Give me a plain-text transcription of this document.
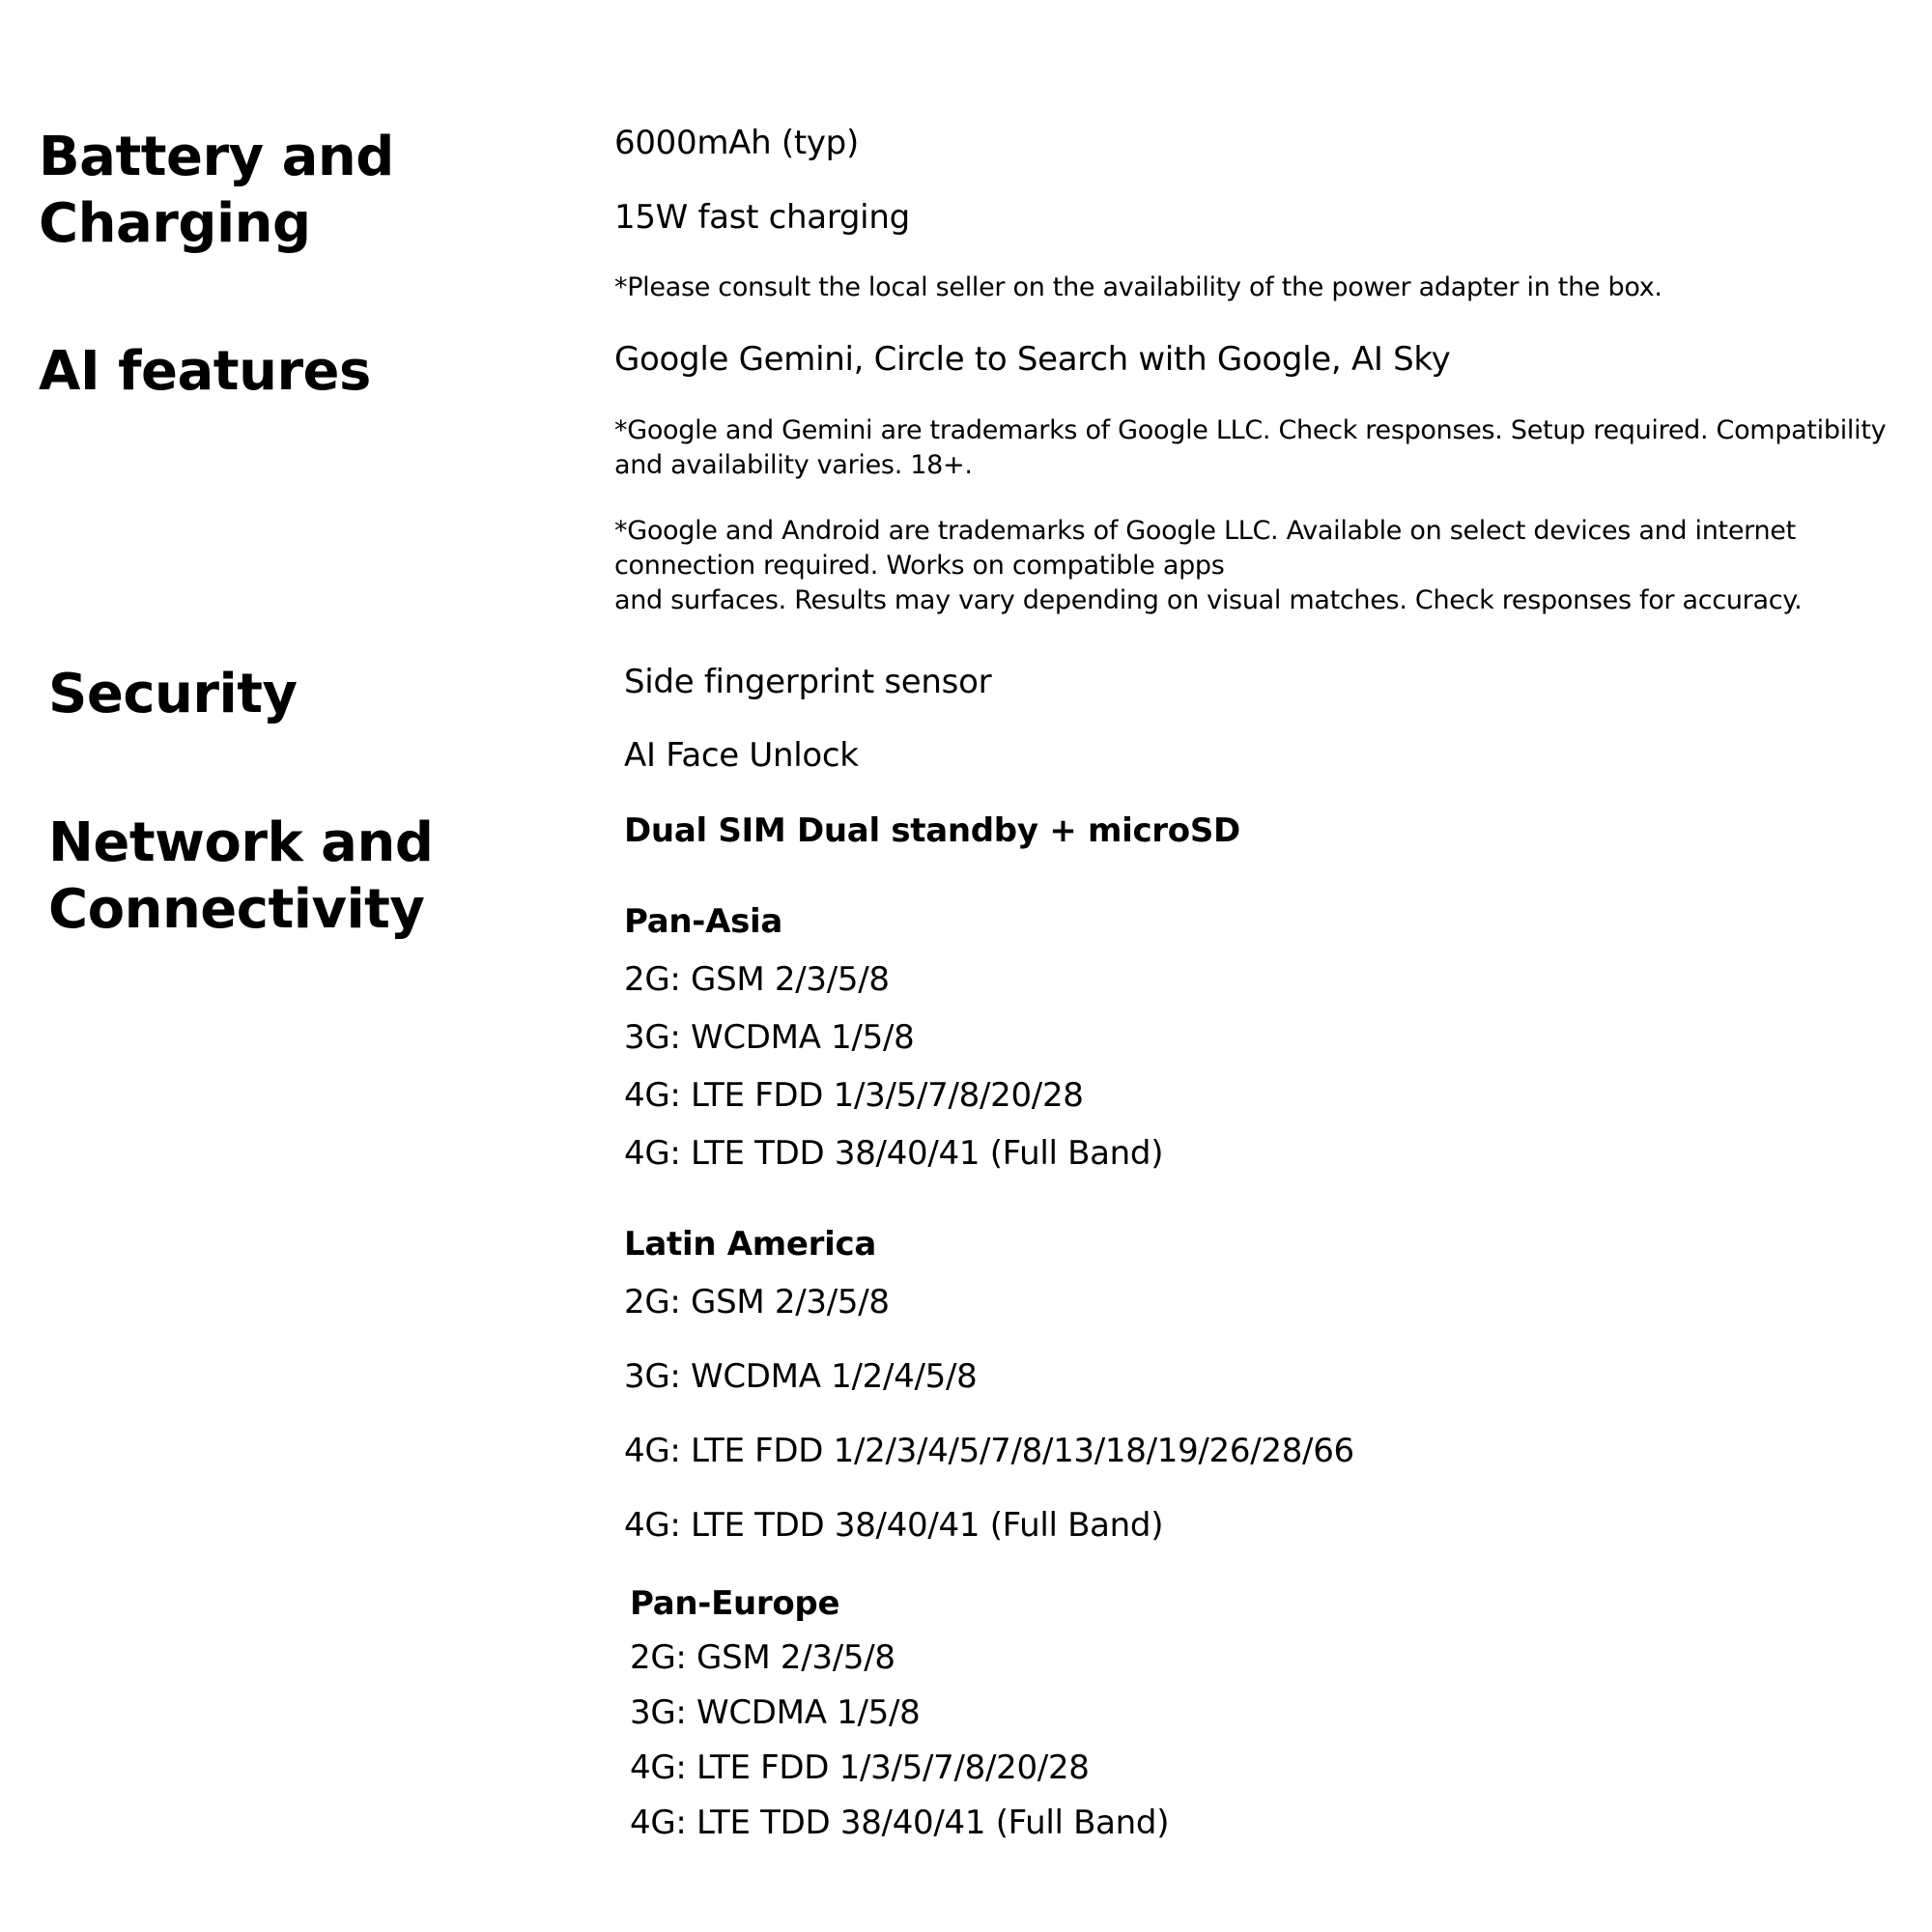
Battery and Charging
6000mAh (typ)
15W fast charging
*Please consult the local seller on the availability of the power adapter in the box.
AI features	Google Gemini, Circle to Search with Google, AI Sky
*Google and Gemini are trademarks of Google LLC. Check responses. Setup required. Compatibility and availability varies. 18+.
*Google and Android are trademarks of Google LLC. Available on select devices and internet
connection required. Works on compatible apps
and surfaces. Results may vary depending on visual matches. Check responses for accuracy.
Security	Side fingerprint sensor
AI Face Unlock
Network and Connectivity
Dual SIM Dual standby + microSD
Pan-Asia
2G: GSM 2/3/5/8
3G: WCDMA 1/5/8
4G: LTE FDD 1/3/5/7/8/20/28
4G: LTE TDD 38/40/41 (Full Band)
Latin America
2G: GSM 2/3/5/8
3G: WCDMA 1/2/4/5/8
4G: LTE FDD 1/2/3/4/5/7/8/13/18/19/26/28/66
4G: LTE TDD 38/40/41 (Full Band)
Pan-Europe
2G: GSM 2/3/5/8
3G: WCDMA 1/5/8
4G: LTE FDD 1/3/5/7/8/20/28
4G: LTE TDD 38/40/41 (Full Band)
